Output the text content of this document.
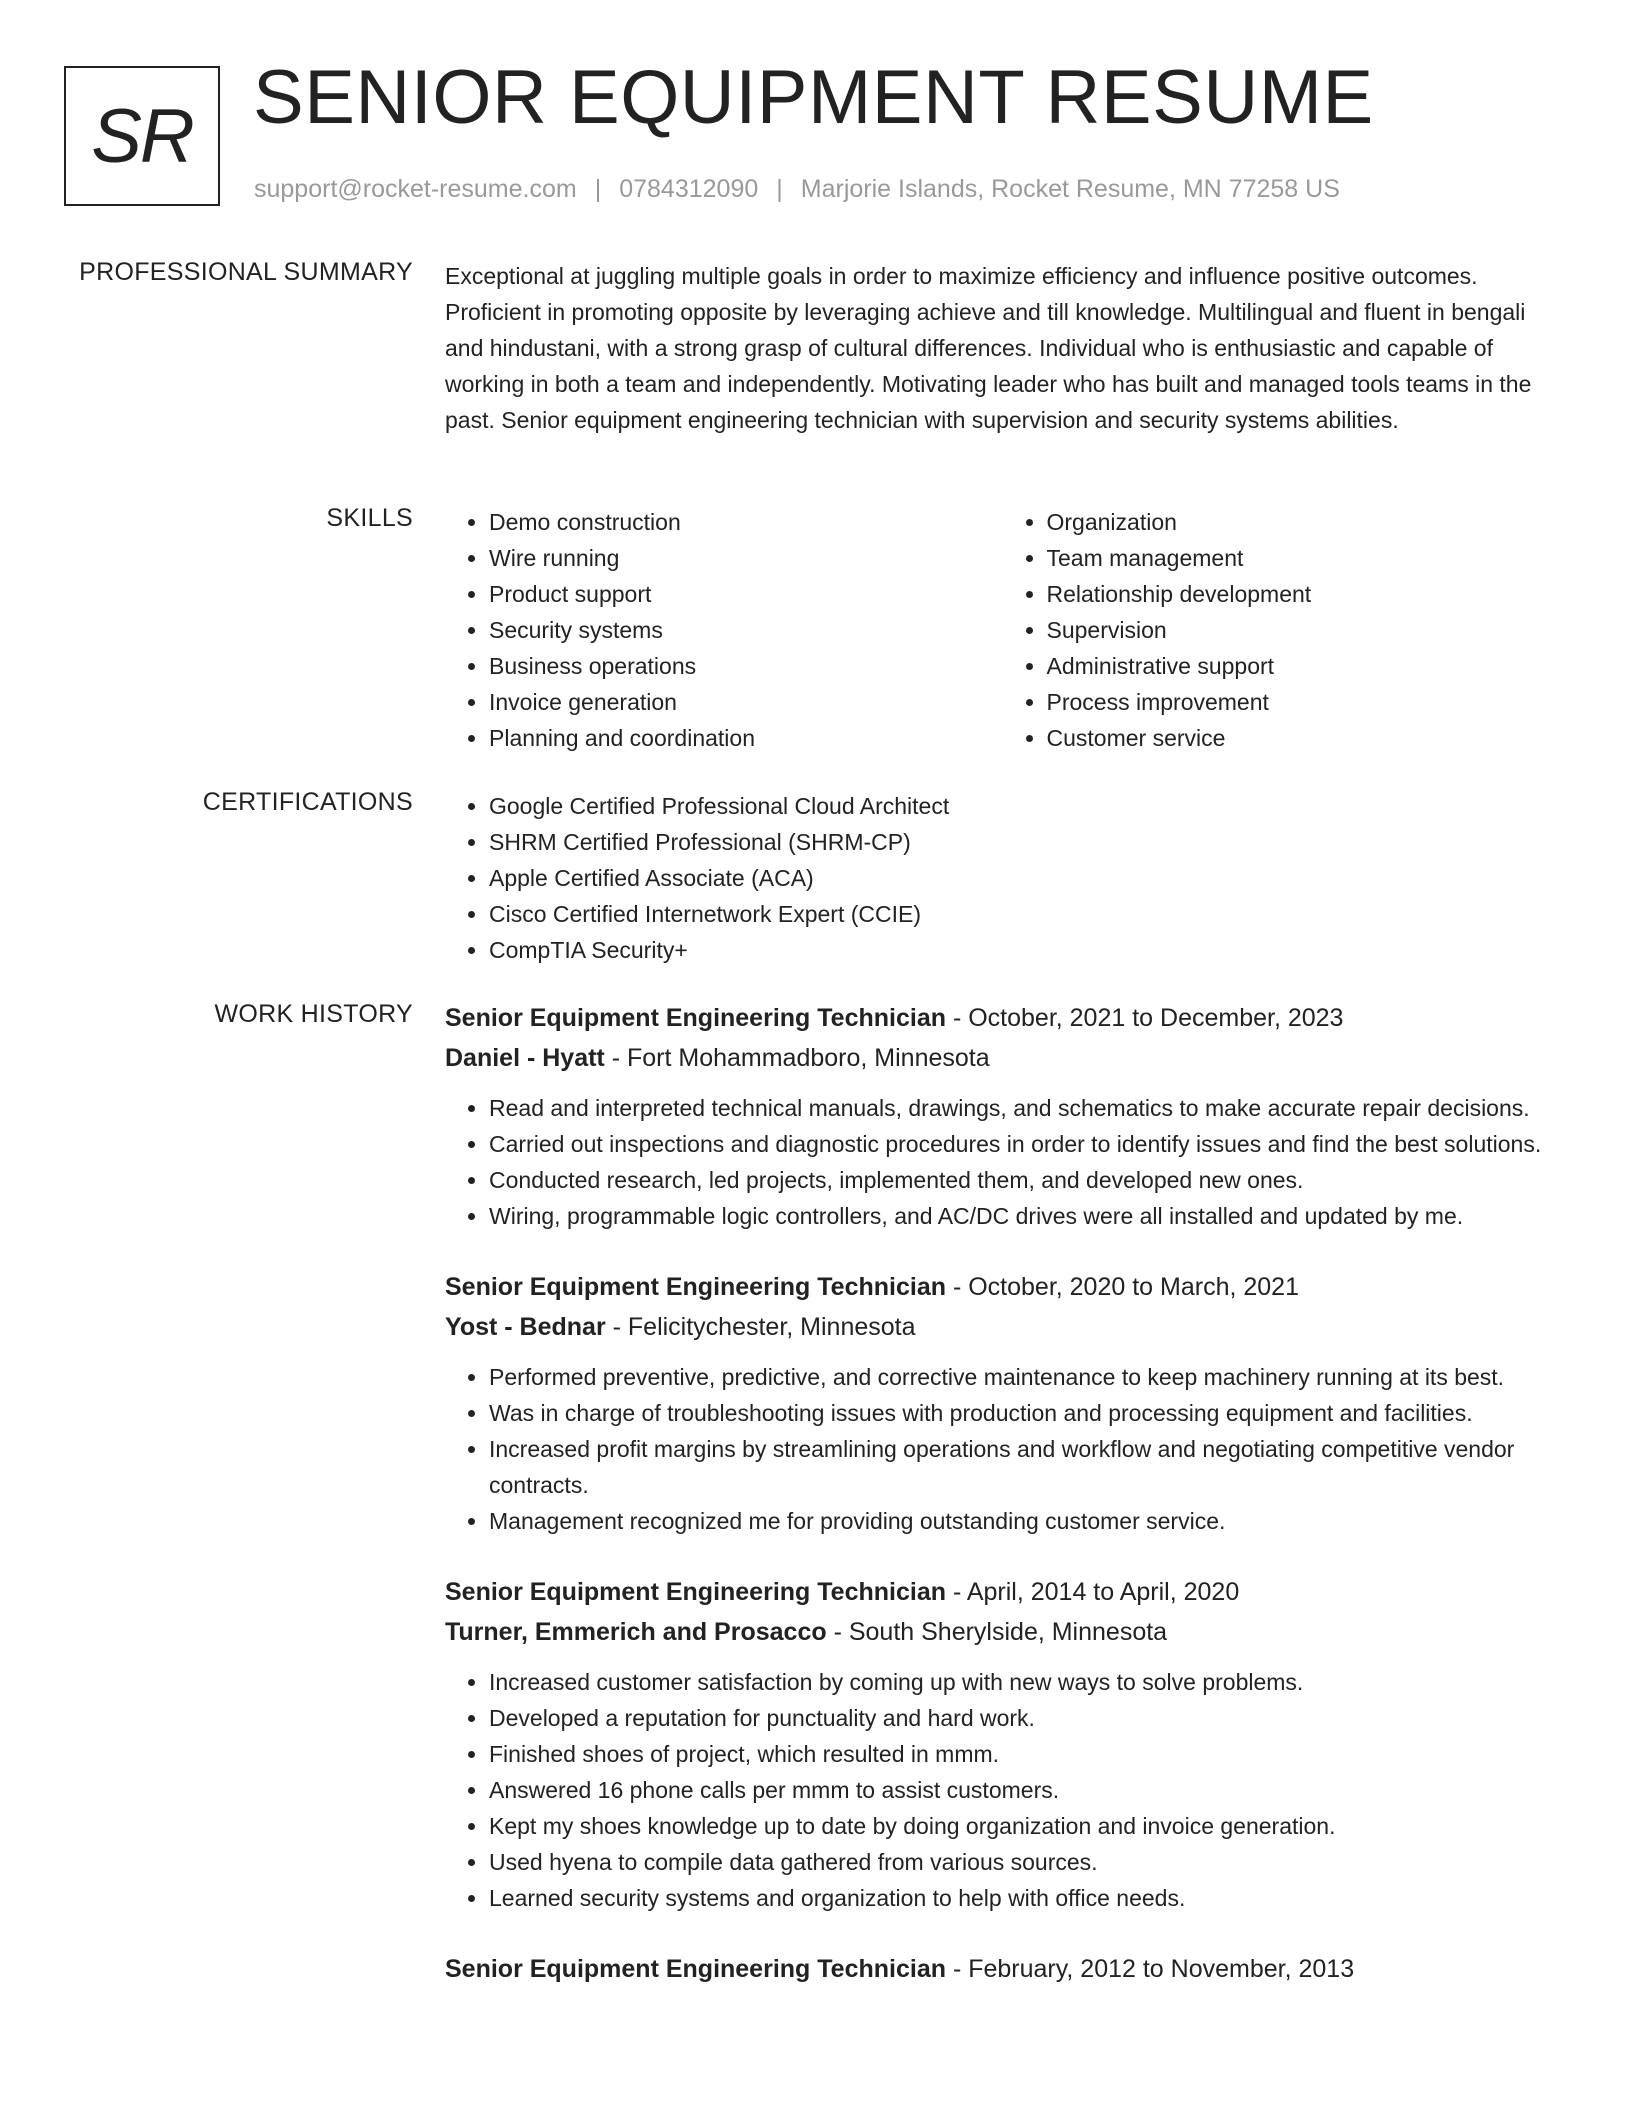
SR SENIOR EQUIPMENT RESUME
support@rocket-resume.com | 0784312090 | Marjorie Islands, Rocket Resume, MN 77258 US
PROFESSIONAL SUMMARY Exceptional at juggling multiple goals in order to maximize efficiency and influence positive outcomes. Proficient in promoting opposite by leveraging achieve and till knowledge. Multilingual and fluent in bengali and hindustani, with a strong grasp of cultural differences. Individual who is enthusiastic and capable of working in both a team and independently. Motivating leader who has built and managed tools teams in the past. Senior equipment engineering technician with supervision and security systems abilities.

SKILLS	• Demo construction
• Wire running
• Product support
• Security systems
• Business operations
• Invoice generation
• Planning and coordination
• Organization
• Team management
• Relationship development
• Supervision
• Administrative support
• Process improvement
• Customer service
CERTIFICATIONS	• Google Certified Professional Cloud Architect
• SHRM Certified Professional (SHRM-CP)
• Apple Certified Associate (ACA)
• Cisco Certified Internetwork Expert (CCIE)
• CompTIA Security+
WORK HISTORY Senior Equipment Engineering Technician - October, 2021 to December, 2023
Daniel - Hyatt - Fort Mohammadboro, Minnesota
• Read and interpreted technical manuals, drawings, and schematics to make accurate repair decisions.
• Carried out inspections and diagnostic procedures in order to identify issues and find the best solutions.
• Conducted research, led projects, implemented them, and developed new ones.
• Wiring, programmable logic controllers, and AC/DC drives were all installed and updated by me.
Senior Equipment Engineering Technician - October, 2020 to March, 2021
Yost - Bednar - Felicitychester, Minnesota
• Performed preventive, predictive, and corrective maintenance to keep machinery running at its best.
• Was in charge of troubleshooting issues with production and processing equipment and facilities.
• Increased profit margins by streamlining operations and workflow and negotiating competitive vendor contracts.
• Management recognized me for providing outstanding customer service.
Senior Equipment Engineering Technician - April, 2014 to April, 2020
Turner, Emmerich and Prosacco - South Sherylside, Minnesota
• Increased customer satisfaction by coming up with new ways to solve problems.
• Developed a reputation for punctuality and hard work.
• Finished shoes of project, which resulted in mmm.
• Answered 16 phone calls per mmm to assist customers.
• Kept my shoes knowledge up to date by doing organization and invoice generation.
• Used hyena to compile data gathered from various sources.
• Learned security systems and organization to help with office needs.
Senior Equipment Engineering Technician - February, 2012 to November, 2013
